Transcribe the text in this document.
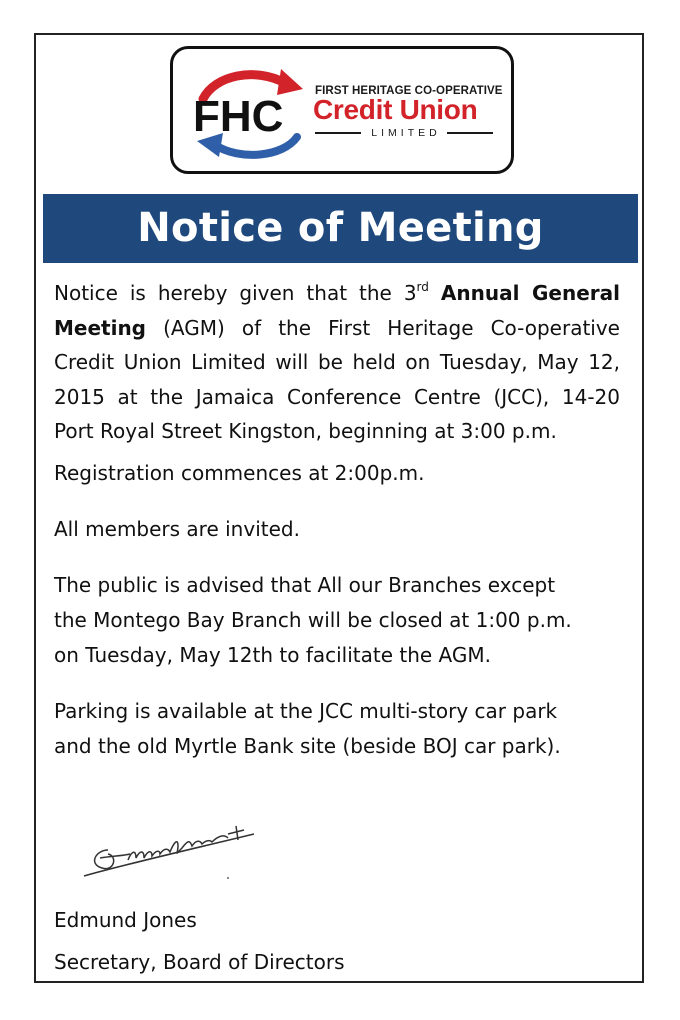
FHC
FIRST HERITAGE CO-OPERATIVE
Credit Union
LIMITED
Notice of Meeting

Notice is hereby given that the 3rd Annual General Meeting (AGM) of the First Heritage Co-operative Credit Union Limited will be held on Tuesday, May 12, 2015 at the Jamaica Conference Centre (JCC), 14-20 Port Royal Street Kingston, beginning at 3:00 p.m.

Registration commences at 2:00p.m.

All members are invited.

The public is advised that All our Branches except

the Montego Bay Branch will be closed at 1:00 p.m.

on Tuesday, May 12th to facilitate the AGM.

Parking is available at the JCC multi-story car park

and the old Myrtle Bank site (beside BOJ car park).

Edmund Jones
Secretary, Board of Directors
